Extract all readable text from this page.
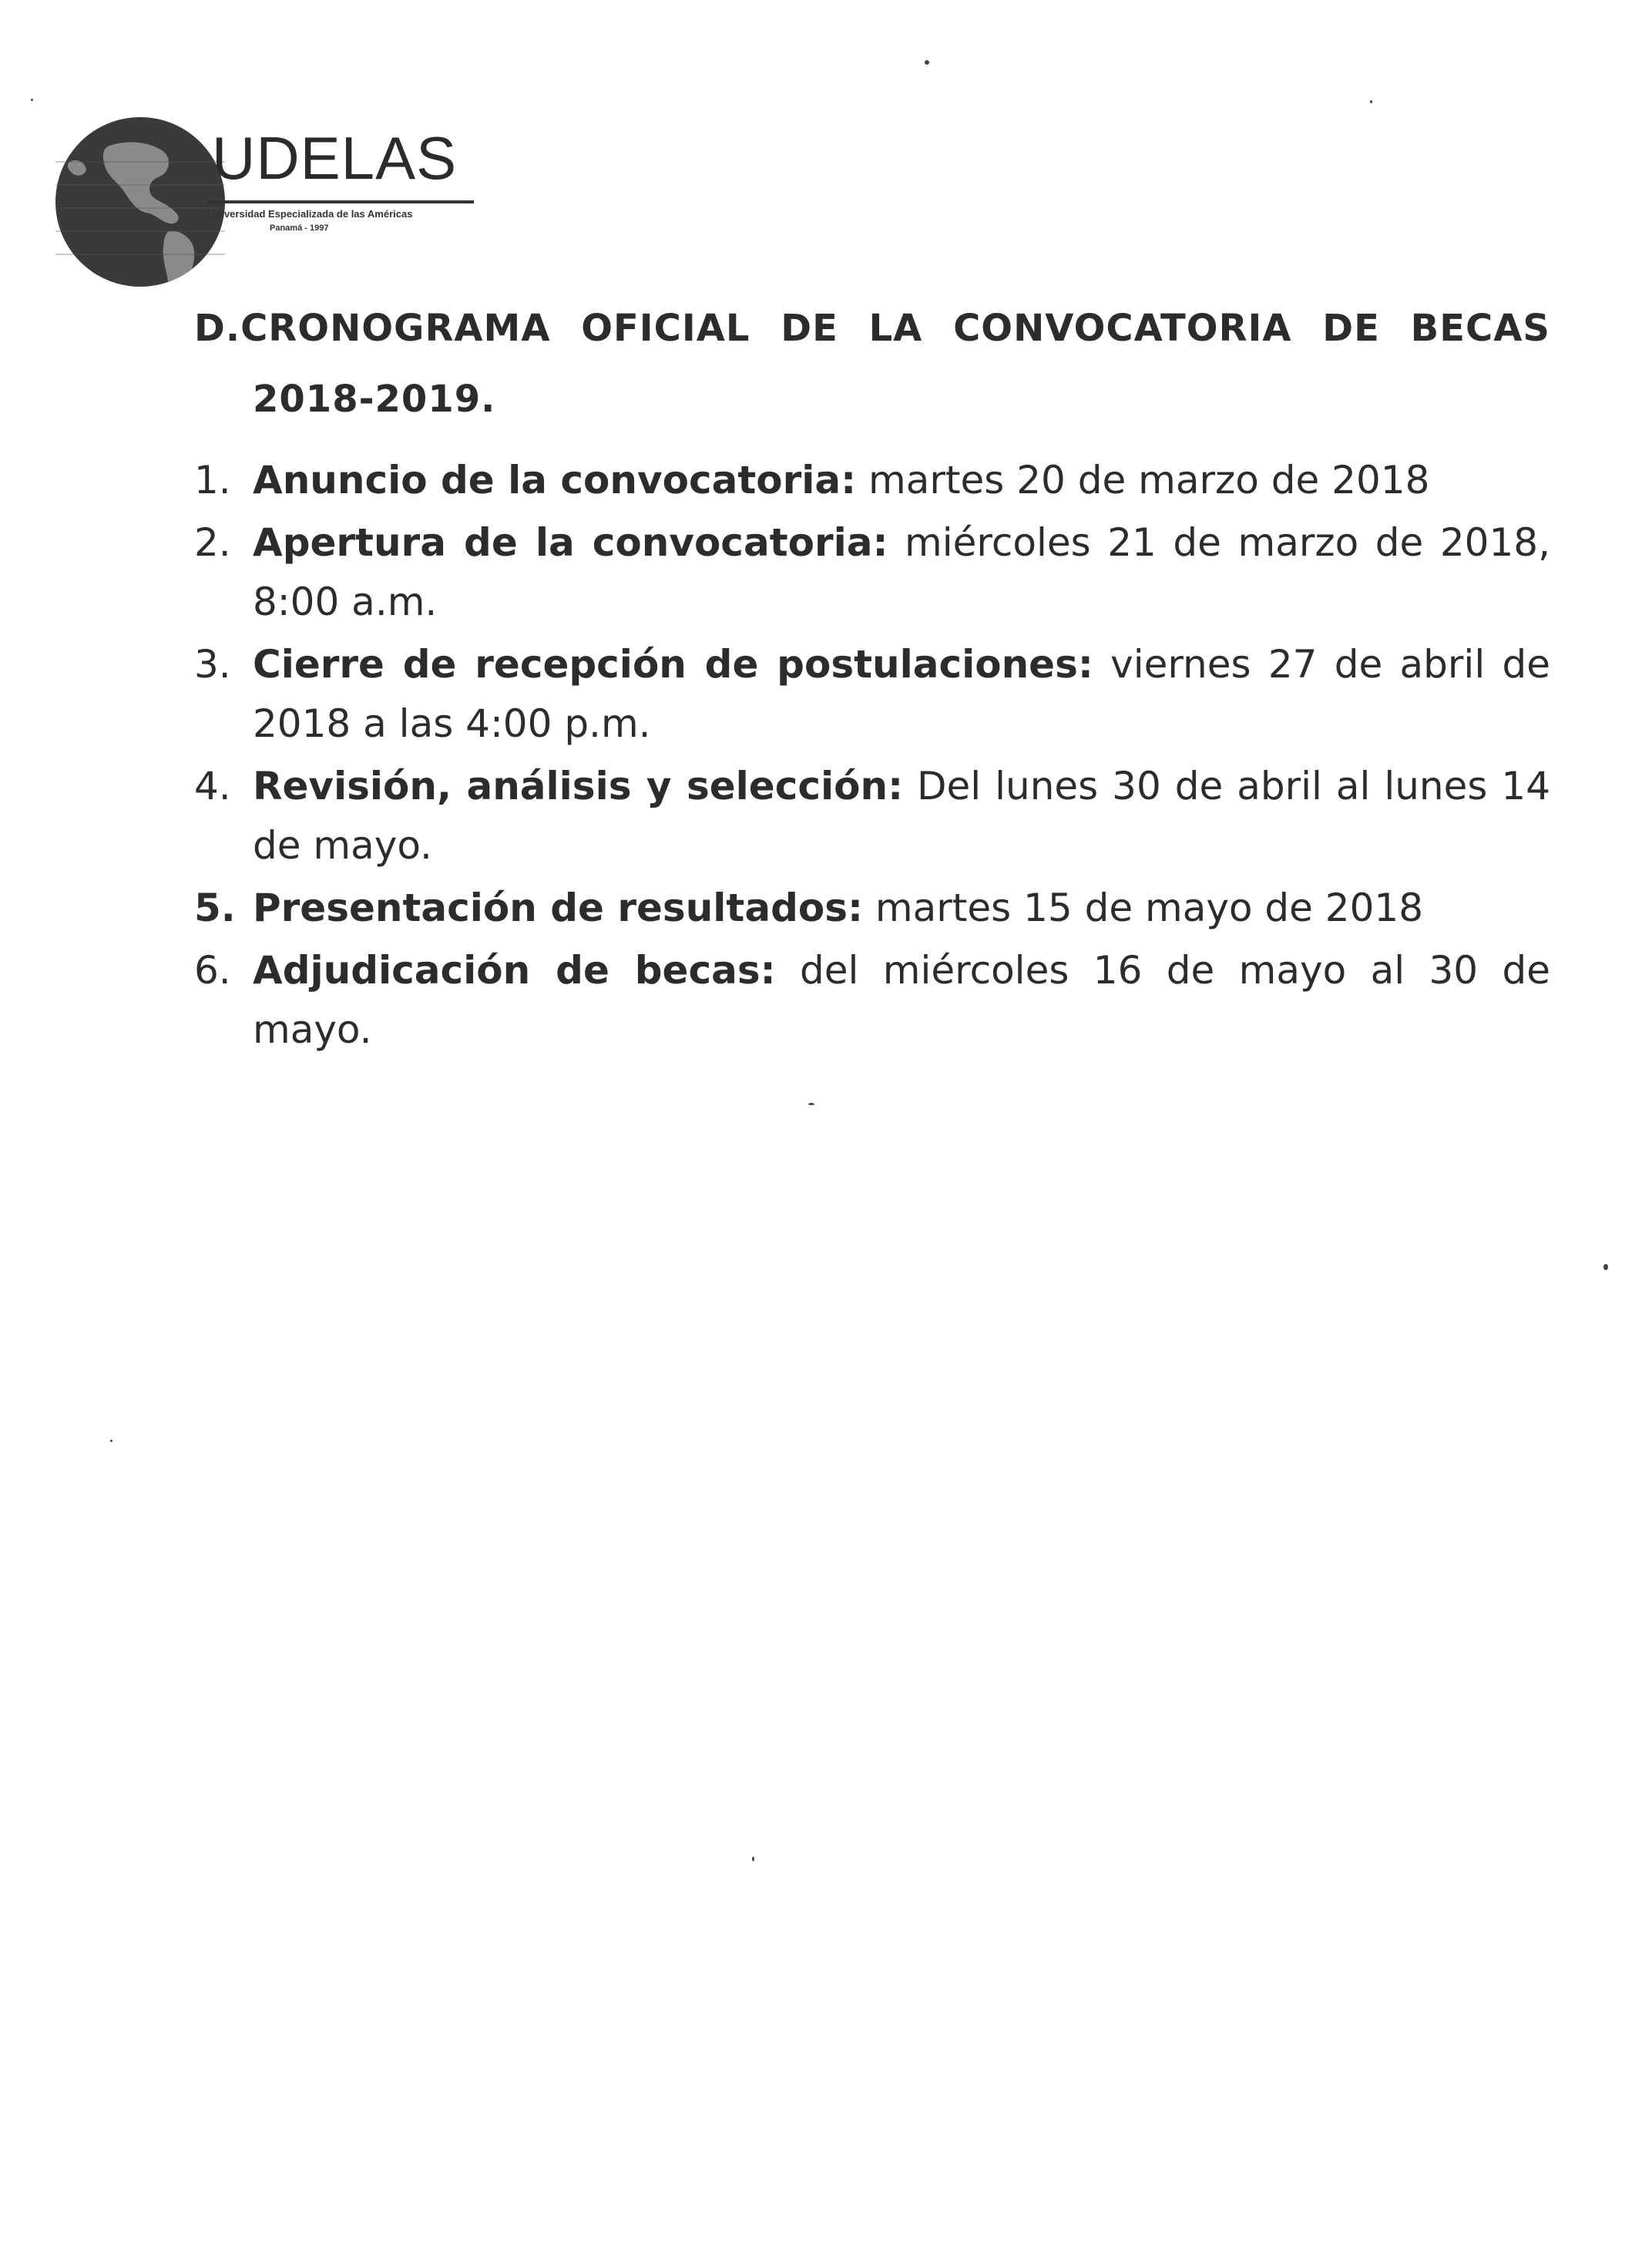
UDELAS
Universidad Especializada de las Américas
Panamá - 1997
D.CRONOGRAMA OFICIAL DE LA CONVOCATORIA DE BECAS
2018-2019.
1. Anuncio de la convocatoria: martes 20 de marzo de 2018
2. Apertura de la convocatoria: miércoles 21 de marzo de 2018, 8:00 a.m.
3. Cierre de recepción de postulaciones: viernes 27 de abril de 2018 a las 4:00 p.m.
4. Revisión, análisis y selección: Del lunes 30 de abril al lunes 14 de mayo.
5. Presentación de resultados: martes 15 de mayo de 2018
6. Adjudicación de becas: del miércoles 16 de mayo al 30 de mayo.
